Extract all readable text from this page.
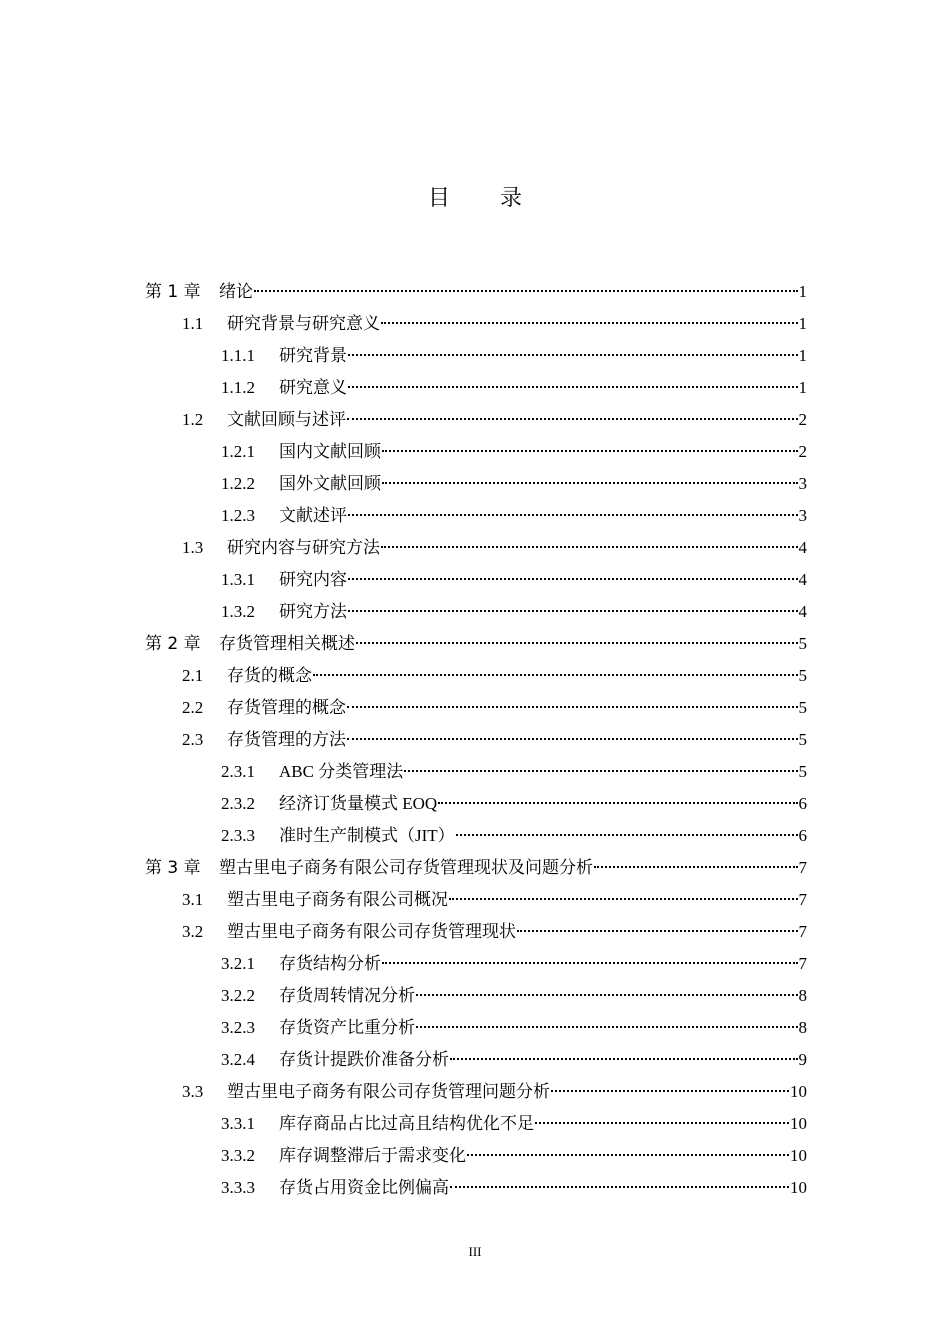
目 录
第 1 章	绪论	1
1.1	研究背景与研究意义	1
1.1.1	研究背景	1
1.1.2	研究意义	1
1.2	文献回顾与述评	2
1.2.1	国内文献回顾	2
1.2.2	国外文献回顾	3
1.2.3	文献述评	3
1.3	研究内容与研究方法	4
1.3.1	研究内容	4
1.3.2	研究方法	4
第 2 章	存货管理相关概述	5
2.1	存货的概念	5
2.2	存货管理的概念	5
2.3	存货管理的方法	5
2.3.1	ABC 分类管理法	5
2.3.2	经济订货量模式 EOQ	6
2.3.3	准时生产制模式（JIT）	6
第 3 章	塑古里电子商务有限公司存货管理现状及问题分析	7
3.1	塑古里电子商务有限公司概况	7
3.2	塑古里电子商务有限公司存货管理现状	7
3.2.1	存货结构分析	7
3.2.2	存货周转情况分析	8
3.2.3	存货资产比重分析	8
3.2.4	存货计提跌价准备分析	9
3.3	塑古里电子商务有限公司存货管理问题分析	10
3.3.1	库存商品占比过高且结构优化不足	10
3.3.2	库存调整滞后于需求变化	10
3.3.3	存货占用资金比例偏高	10
III
